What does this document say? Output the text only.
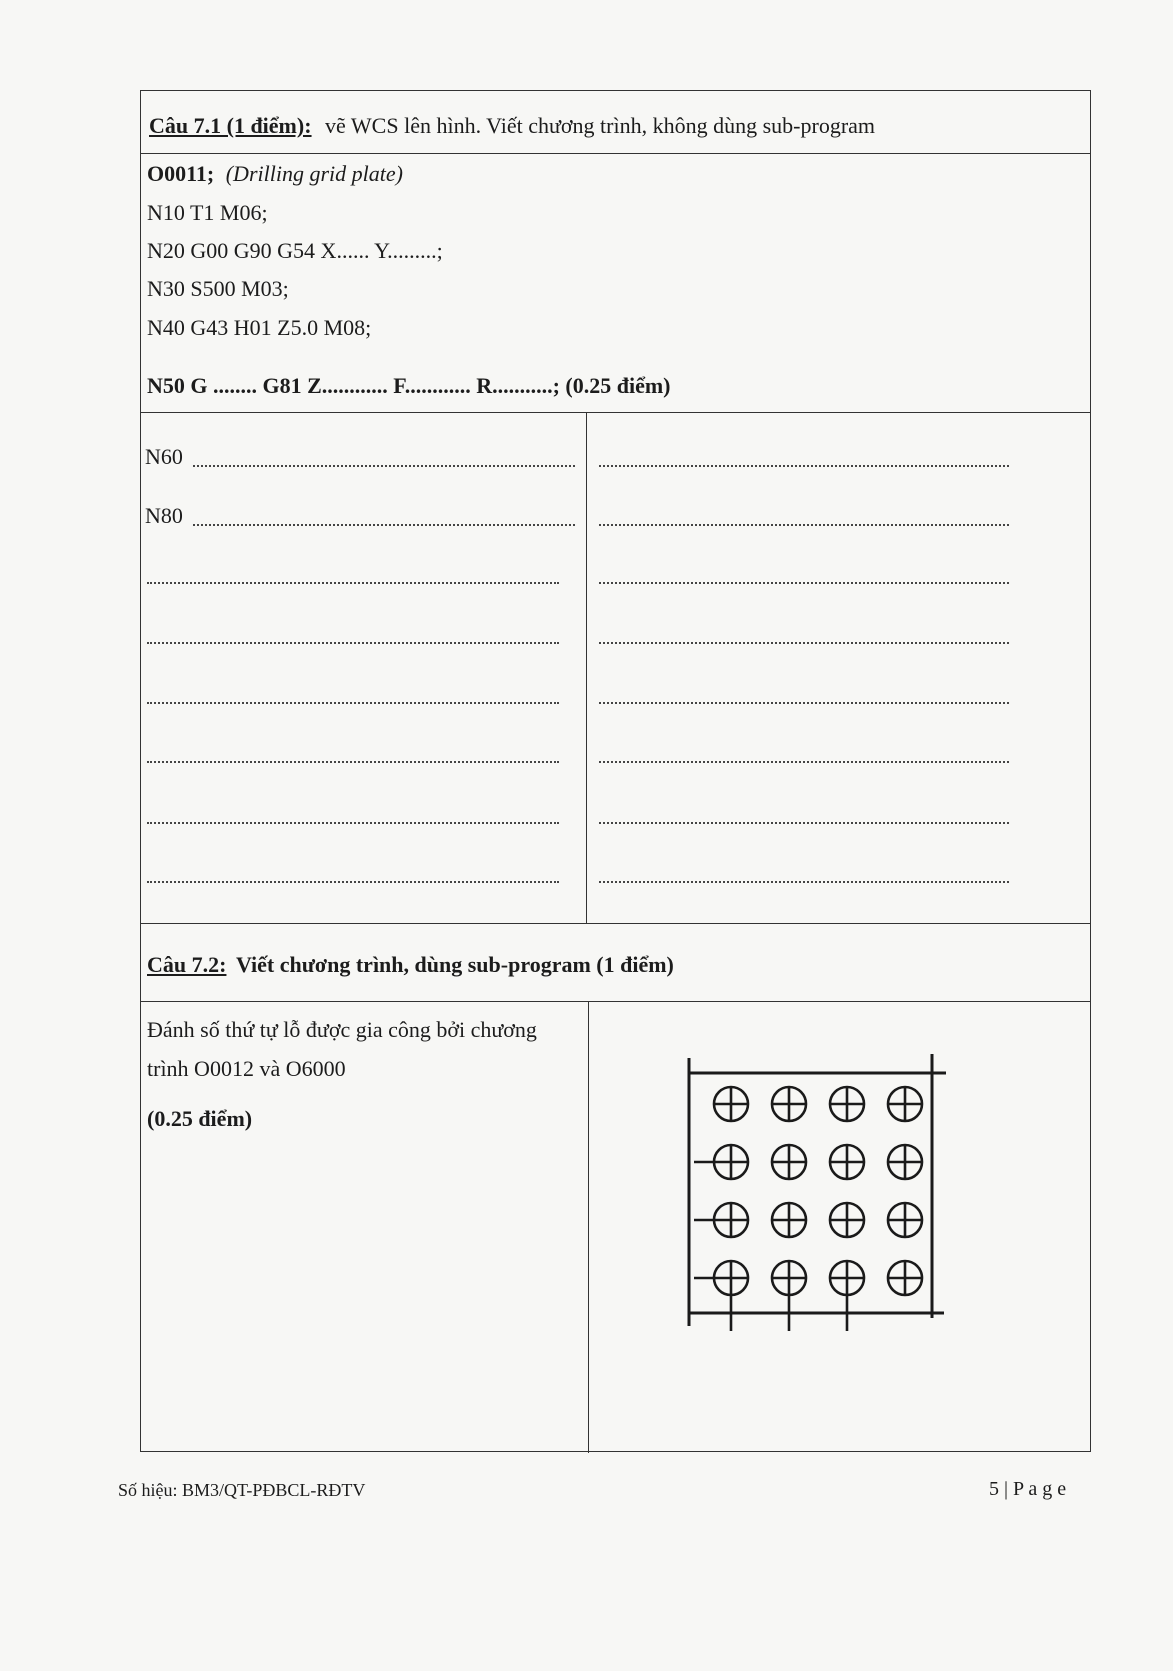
Câu 7.1 (1 điểm): vẽ WCS lên hình. Viết chương trình, không dùng sub-program
O0011; (Drilling grid plate)
N10 T1 M06;
N20 G00 G90 G54 X...... Y.........;
N30 S500 M03;
N40 G43 H01 Z5.0 M08;
N50 G ........ G81 Z............ F............ R...........; (0.25 điểm)
N60
N80
Câu 7.2: Viết chương trình, dùng sub-program (1 điểm)
Đánh số thứ tự lỗ được gia công bởi chương
trình O0012 và O6000
(0.25 điểm)
Số hiệu: BM3/QT-PĐBCL-RĐTV	5 | P a g e
